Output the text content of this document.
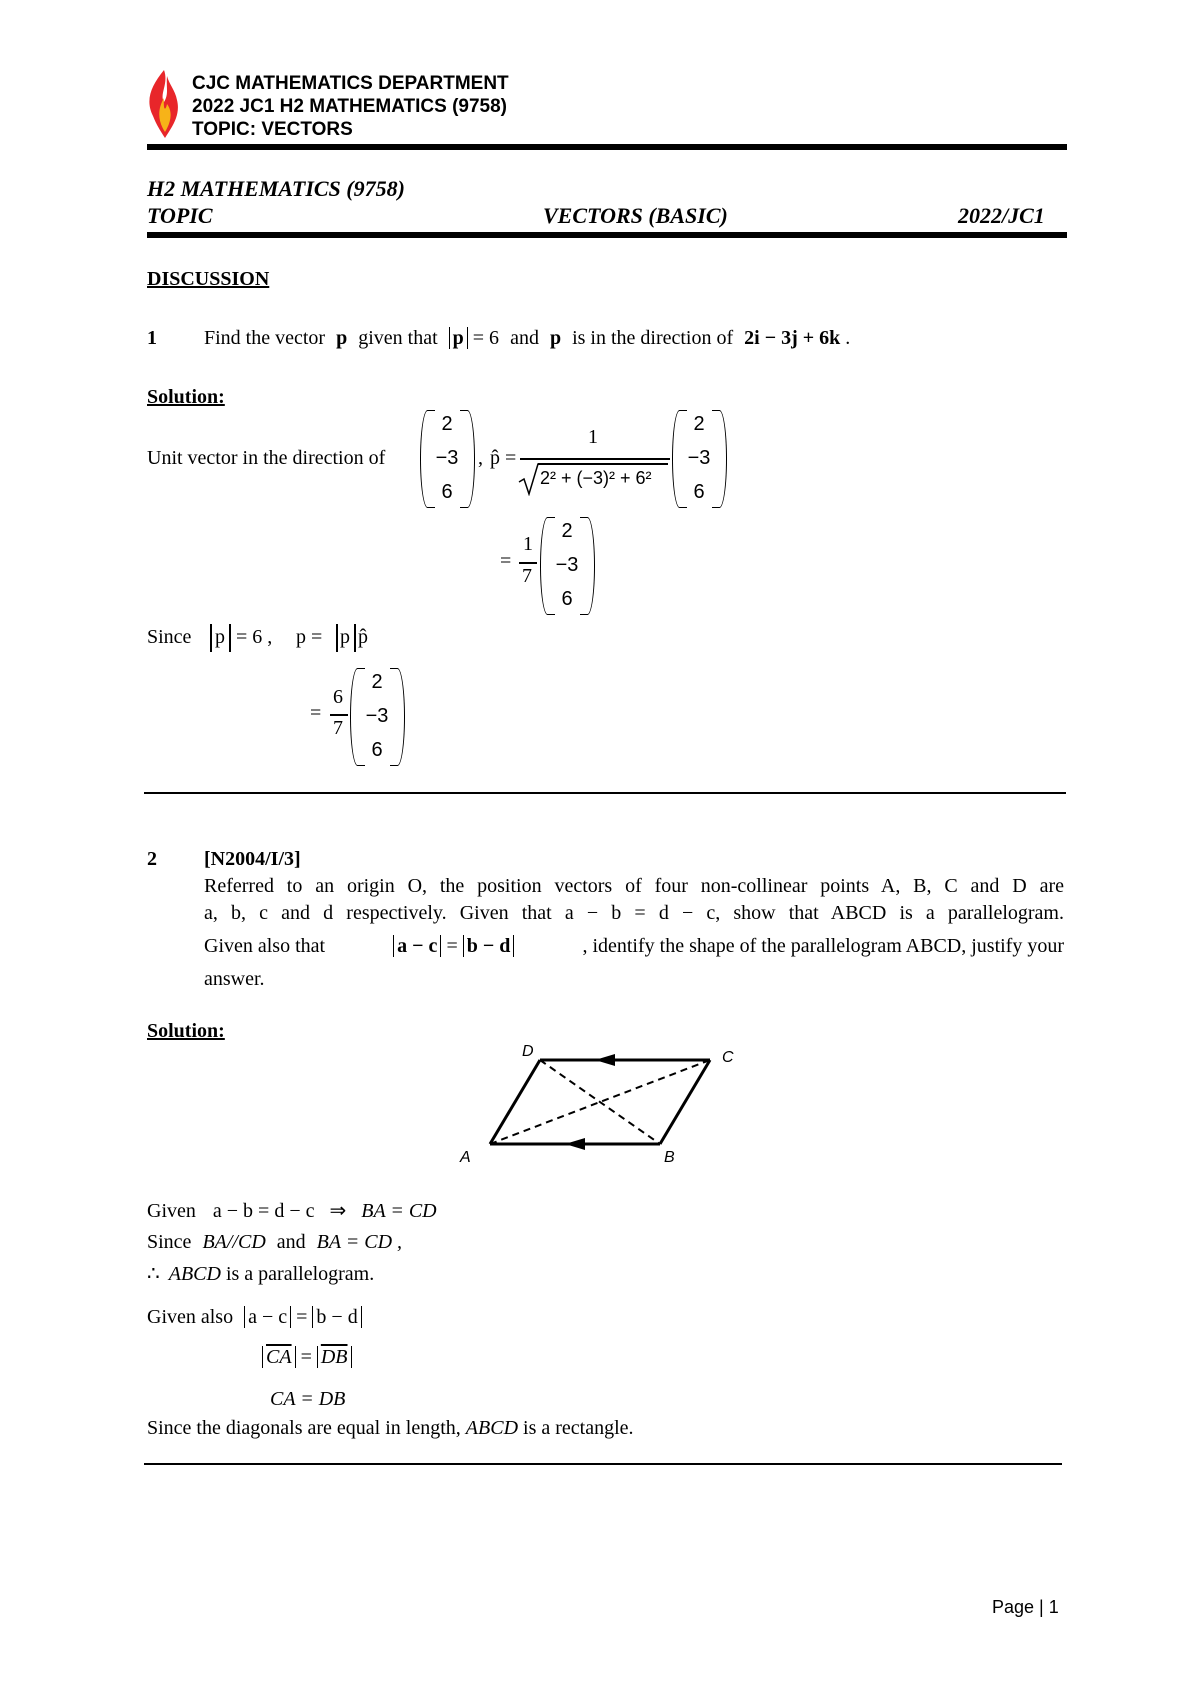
CJC MATHEMATICS DEPARTMENT
2022 JC1 H2 MATHEMATICS (9758)
TOPIC: VECTORS
H2 MATHEMATICS (9758)
TOPIC	VECTORS (BASIC)	2022/JC1
DISCUSSION
1 Find the vector p given that p = 6 and p is in the direction of 2i − 3j + 6k .
Solution:
Unit vector in the direction of
2
−3
6
, p̂ =
1
2² + (−3)² + 6²
2
−3
6
=
1
7
2
−3
6
Since p = 6 , p = p p̂
=
6
7
2
−3
6
2 [N2004/I/3]
Referred to an origin O, the position vectors of four non-collinear points A, B, C and D are
a, b, c and d respectively. Given that a − b = d − c, show that ABCD is a parallelogram.
Given also that	a − c = b − d	, identify the shape of the parallelogram ABCD, justify your
answer.
Solution:
D	C
A	B
Given a − b = d − c ⇒ BA = CD
Since BA//CD and BA = CD ,
∴ ABCD is a parallelogram.
Given also a − c = b − d
$\overline{CA} = \overline{DB}$
CA = DB
Since the diagonals are equal in length, ABCD is a rectangle.
Page | 1
